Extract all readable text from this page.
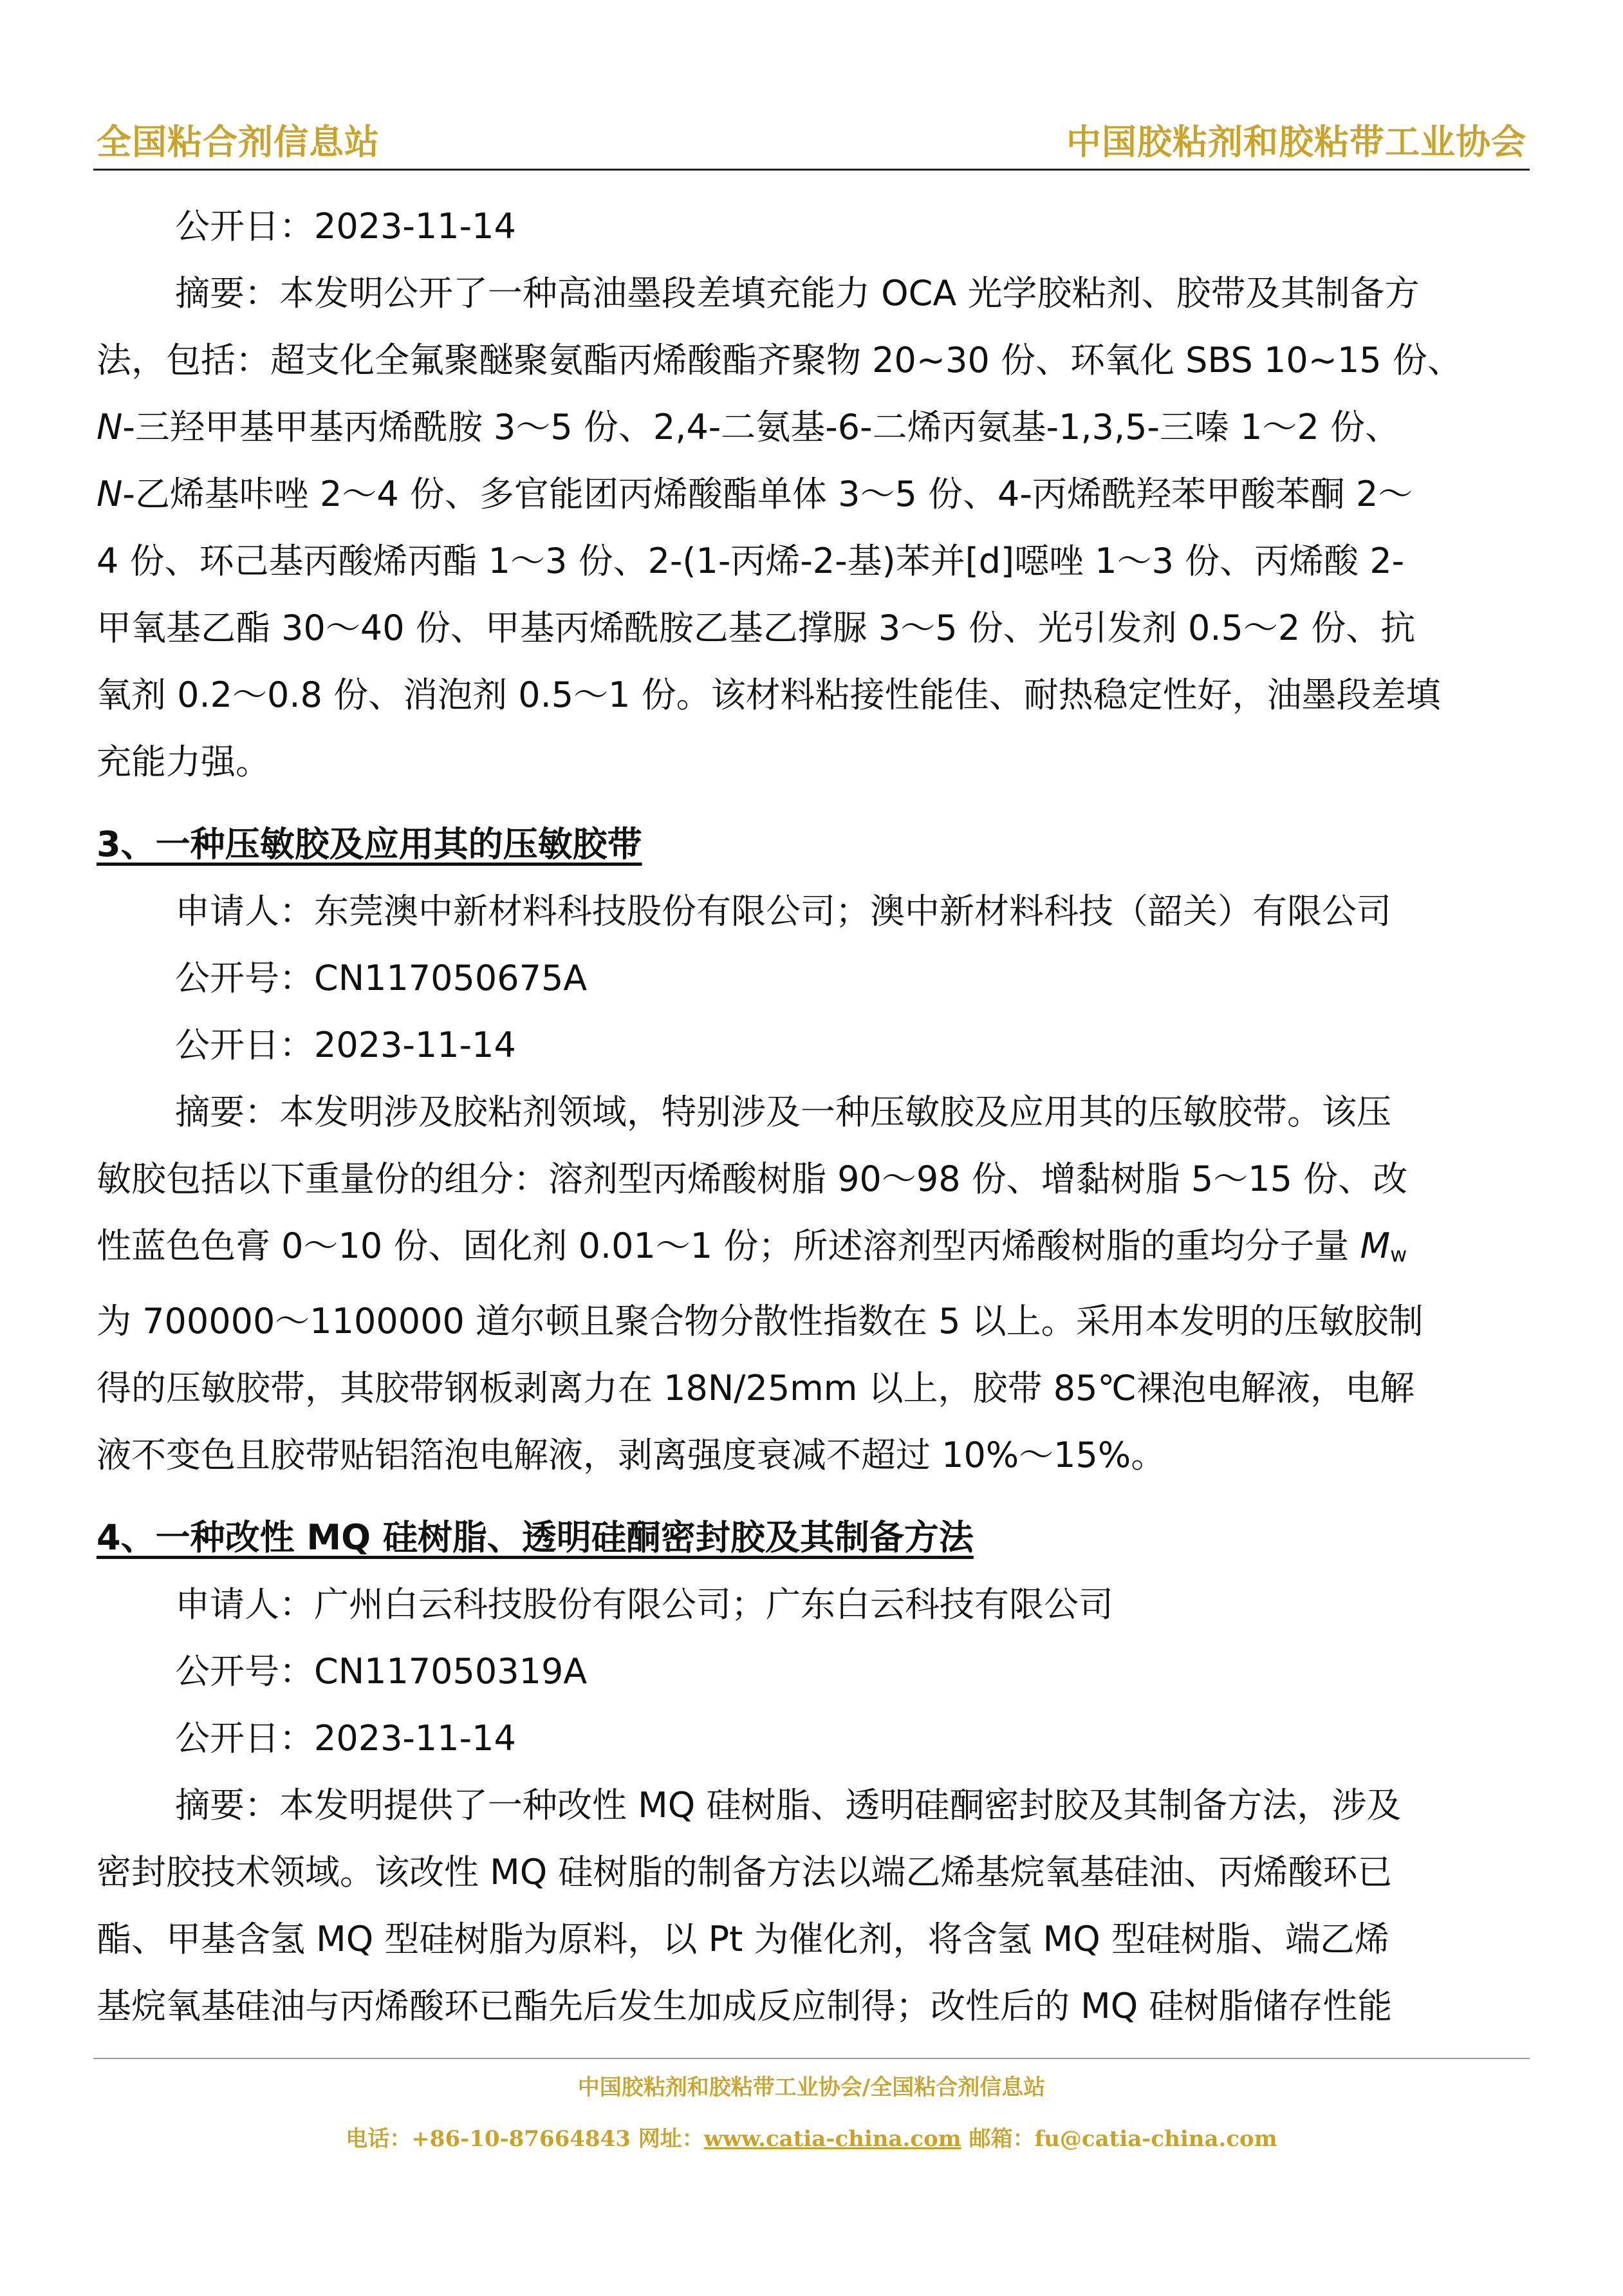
全国粘合剂信息站	中国胶粘剂和胶粘带工业协会
公开日：2023-11-14
摘要：本发明公开了一种高油墨段差填充能力 OCA 光学胶粘剂、胶带及其制备方
法，包括：超支化全氟聚醚聚氨酯丙烯酸酯齐聚物 20~30 份、环氧化 SBS 10~15 份、
N-三羟甲基甲基丙烯酰胺 3～5 份、2,4-二氨基-6-二烯丙氨基-1,3,5-三嗪 1～2 份、
N-乙烯基咔唑 2～4 份、多官能团丙烯酸酯单体 3～5 份、4-丙烯酰羟苯甲酸苯酮 2～
4 份、环己基丙酸烯丙酯 1～3 份、2-(1-丙烯-2-基)苯并[d]噁唑 1～3 份、丙烯酸 2-
甲氧基乙酯 30～40 份、甲基丙烯酰胺乙基乙撑脲 3～5 份、光引发剂 0.5～2 份、抗
氧剂 0.2～0.8 份、消泡剂 0.5～1 份。该材料粘接性能佳、耐热稳定性好，油墨段差填
充能力强。
3、一种压敏胶及应用其的压敏胶带
申请人：东莞澳中新材料科技股份有限公司；澳中新材料科技（韶关）有限公司
公开号：CN117050675A
公开日：2023-11-14
摘要：本发明涉及胶粘剂领域，特别涉及一种压敏胶及应用其的压敏胶带。该压
敏胶包括以下重量份的组分：溶剂型丙烯酸树脂 90～98 份、增黏树脂 5～15 份、改
性蓝色色膏 0～10 份、固化剂 0.01～1 份；所述溶剂型丙烯酸树脂的重均分子量 $M_w$
为 700000～1100000 道尔顿且聚合物分散性指数在 5 以上。采用本发明的压敏胶制
得的压敏胶带，其胶带钢板剥离力在 18N/25mm 以上，胶带 85℃裸泡电解液，电解
液不变色且胶带贴铝箔泡电解液，剥离强度衰减不超过 10%～15%。
4、一种改性 MQ 硅树脂、透明硅酮密封胶及其制备方法
申请人：广州白云科技股份有限公司；广东白云科技有限公司
公开号：CN117050319A
公开日：2023-11-14
摘要：本发明提供了一种改性 MQ 硅树脂、透明硅酮密封胶及其制备方法，涉及
密封胶技术领域。该改性 MQ 硅树脂的制备方法以端乙烯基烷氧基硅油、丙烯酸环已
酯、甲基含氢 MQ 型硅树脂为原料，以 Pt 为催化剂，将含氢 MQ 型硅树脂、端乙烯
基烷氧基硅油与丙烯酸环已酯先后发生加成反应制得；改性后的 MQ 硅树脂储存性能
中国胶粘剂和胶粘带工业协会/全国粘合剂信息站
电话：+86-10-87664843 网址：www.catia-china.com 邮箱：fu@catia-china.com
